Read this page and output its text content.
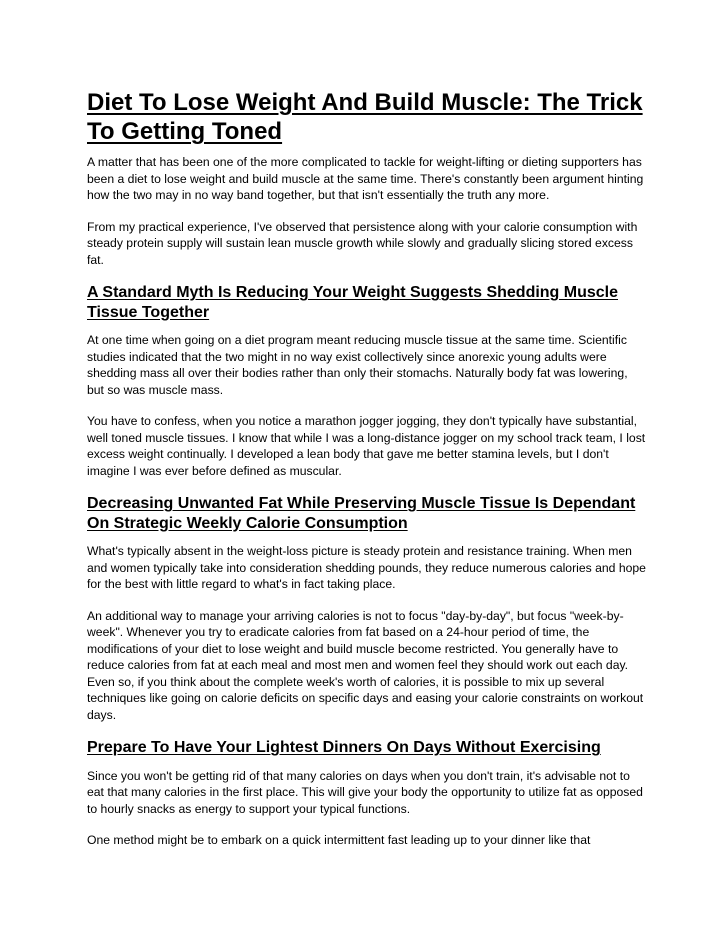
Diet To Lose Weight And Build Muscle: The Trick To Getting Toned

A matter that has been one of the more complicated to tackle for weight-lifting or dieting supporters has been a diet to lose weight and build muscle at the same time. There's constantly been argument hinting how the two may in no way band together, but that isn't essentially the truth any more.

From my practical experience, I've observed that persistence along with your calorie consumption with steady protein supply will sustain lean muscle growth while slowly and gradually slicing stored excess fat.

A Standard Myth Is Reducing Your Weight Suggests Shedding Muscle Tissue Together

At one time when going on a diet program meant reducing muscle tissue at the same time. Scientific studies indicated that the two might in no way exist collectively since anorexic young adults were shedding mass all over their bodies rather than only their stomachs. Naturally body fat was lowering, but so was muscle mass.

You have to confess, when you notice a marathon jogger jogging, they don't typically have substantial, well toned muscle tissues. I know that while I was a long-distance jogger on my school track team, I lost excess weight continually. I developed a lean body that gave me better stamina levels, but I don't imagine I was ever before defined as muscular.

Decreasing Unwanted Fat While Preserving Muscle Tissue Is Dependant On Strategic Weekly Calorie Consumption

What's typically absent in the weight-loss picture is steady protein and resistance training. When men and women typically take into consideration shedding pounds, they reduce numerous calories and hope for the best with little regard to what's in fact taking place.

An additional way to manage your arriving calories is not to focus "day-by-day", but focus "week-by-week". Whenever you try to eradicate calories from fat based on a 24-hour period of time, the modifications of your diet to lose weight and build muscle become restricted. You generally have to reduce calories from fat at each meal and most men and women feel they should work out each day. Even so, if you think about the complete week's worth of calories, it is possible to mix up several techniques like going on calorie deficits on specific days and easing your calorie constraints on workout days.

Prepare To Have Your Lightest Dinners On Days Without Exercising

Since you won't be getting rid of that many calories on days when you don't train, it's advisable not to eat that many calories in the first place. This will give your body the opportunity to utilize fat as opposed to hourly snacks as energy to support your typical functions.

One method might be to embark on a quick intermittent fast leading up to your dinner like that
